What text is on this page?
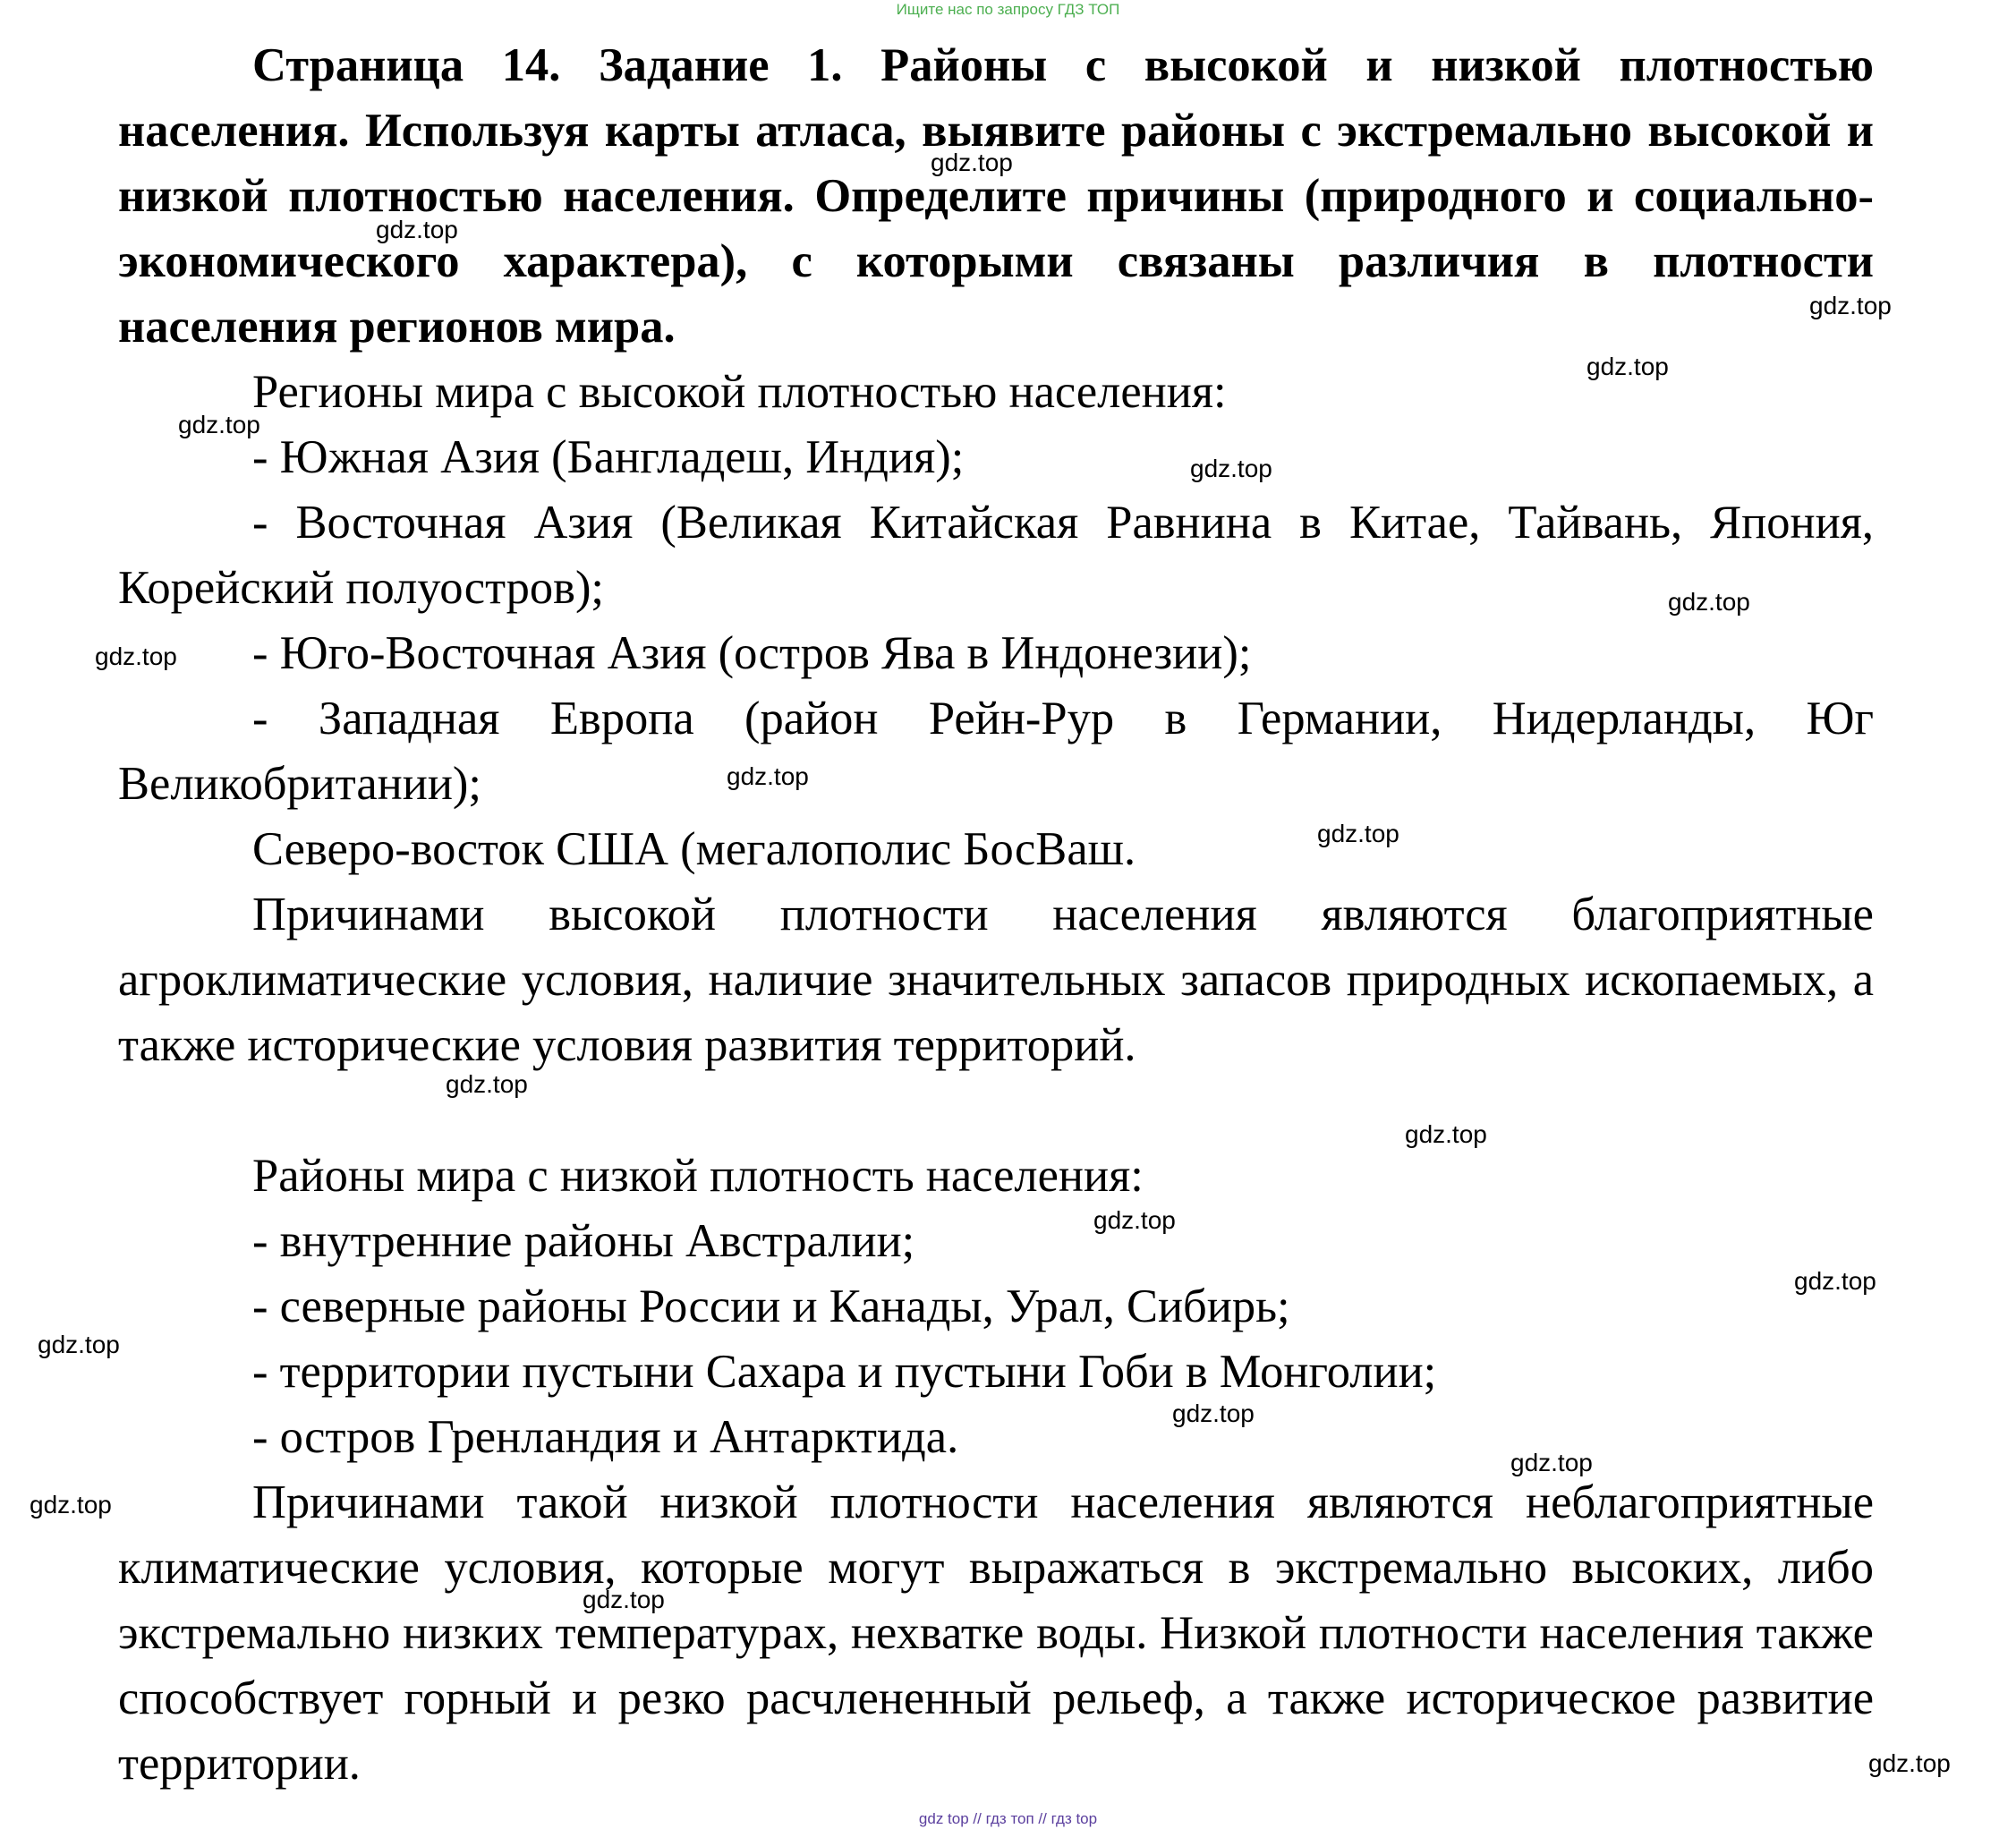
Ищите нас по запросу ГДЗ ТОП

Страница 14. Задание 1. Районы с высокой и низкой плотностью населения. Используя карты атласа, выявите районы с экстремально высокой и низкой плотностью населения. Определите причины (природного и социально-экономического характера), с которыми связаны различия в плотности населения регионов мира.

Регионы мира с высокой плотностью населения:

- Южная Азия (Бангладеш, Индия);

- Восточная Азия (Великая Китайская Равнина в Китае, Тайвань, Япония, Корейский полуостров);

- Юго-Восточная Азия (остров Ява в Индонезии);

- Западная Европа (район Рейн-Рур в Германии, Нидерланды, Юг Великобритании);

Северо-восток США (мегалополис БосВаш.

Причинами высокой плотности населения являются благоприятные агроклиматические условия, наличие значительных запасов природных ископаемых, а также исторические условия развития территорий.

Районы мира с низкой плотность населения:

- внутренние районы Австралии;

- северные районы России и Канады, Урал, Сибирь;

- территории пустыни Сахара и пустыни Гоби в Монголии;

- остров Гренландия и Антарктида.

Причинами такой низкой плотности населения являются неблагоприятные климатические условия, которые могут выражаться в экстремально высоких, либо экстремально низких температурах, нехватке воды. Низкой плотности населения также способствует горный и резко расчлененный рельеф, а также историческое развитие территории.

gdz.top
gdz.top
gdz.top
gdz.top
gdz.top
gdz.top
gdz.top
gdz.top
gdz.top
gdz.top
gdz.top
gdz.top
gdz.top
gdz.top
gdz.top
gdz.top
gdz.top
gdz.top
gdz.top
gdz.top
gdz top // гдз топ // гдз top
